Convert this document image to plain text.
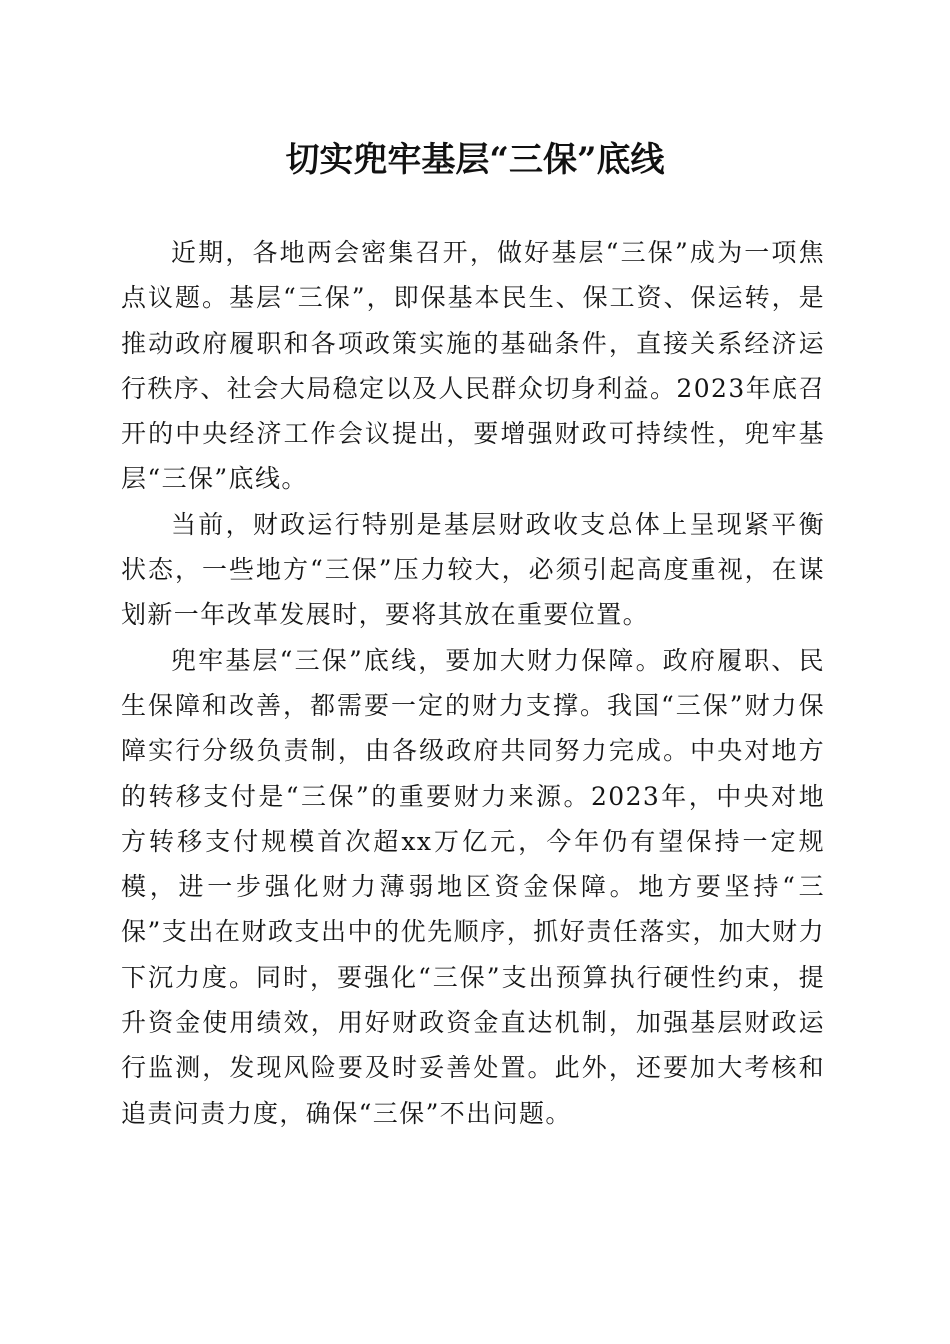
切实兜牢基层“三保”底线

近期，各地两会密集召开，做好基层“三保”成为一项焦点议题。基层“三保”，即保基本民生、保工资、保运转，是推动政府履职和各项政策实施的基础条件，直接关系经济运行秩序、社会大局稳定以及人民群众切身利益。2023年底召开的中央经济工作会议提出，要增强财政可持续性，兜牢基层“三保”底线。

当前，财政运行特别是基层财政收支总体上呈现紧平衡状态，一些地方“三保”压力较大，必须引起高度重视，在谋划新一年改革发展时，要将其放在重要位置。

兜牢基层“三保”底线，要加大财力保障。政府履职、民生保障和改善，都需要一定的财力支撑。我国“三保”财力保障实行分级负责制，由各级政府共同努力完成。中央对地方的转移支付是“三保”的重要财力来源。2023年，中央对地方转移支付规模首次超xx万亿元，今年仍有望保持一定规模，进一步强化财力薄弱地区资金保障。地方要坚持“三保”支出在财政支出中的优先顺序，抓好责任落实，加大财力下沉力度。同时，要强化“三保”支出预算执行硬性约束，提升资金使用绩效，用好财政资金直达机制，加强基层财政运行监测，发现风险要及时妥善处置。此外，还要加大考核和追责问责力度，确保“三保”不出问题。
